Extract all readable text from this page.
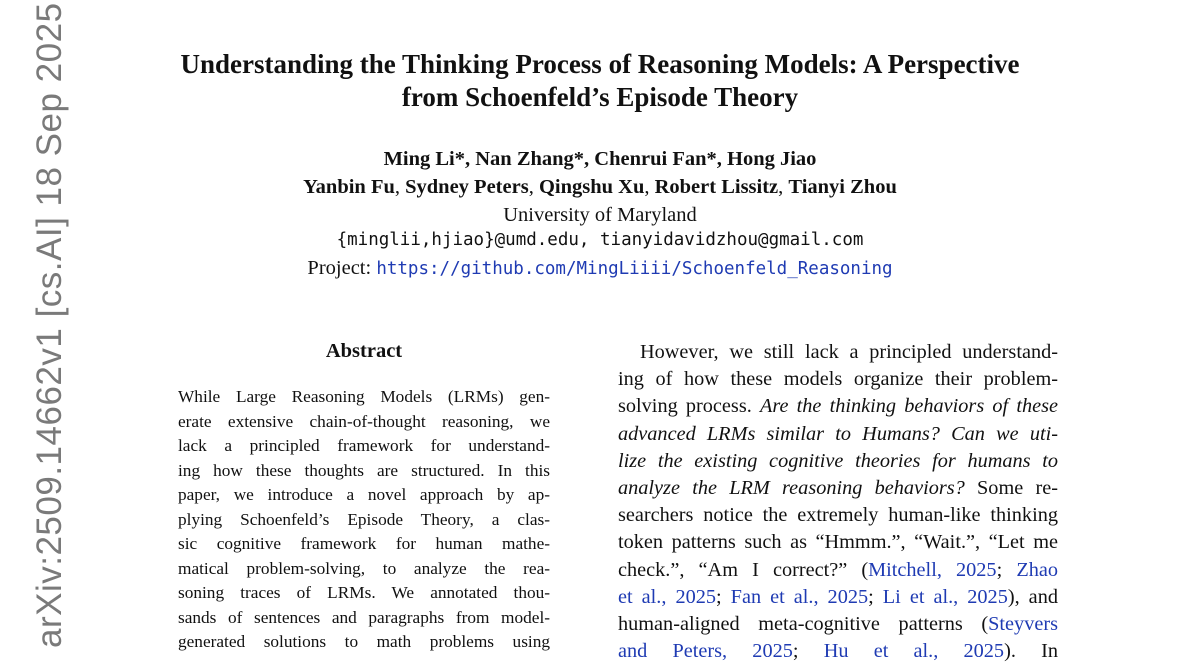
Understanding the Thinking Process of Reasoning Models: A Perspective
from Schoenfeld’s Episode Theory
Ming Li*, Nan Zhang*, Chenrui Fan*, Hong Jiao
Yanbin Fu, Sydney Peters, Qingshu Xu, Robert Lissitz, Tianyi Zhou
University of Maryland
{minglii,hjiao}@umd.edu, tianyidavidzhou@gmail.com
Project: https://github.com/MingLiiii/Schoenfeld_Reasoning
arXiv:2509.14662v1 [cs.AI] 18 Sep 2025	Abstract
While Large Reasoning Models (LRMs) gen-
erate extensive chain-of-thought reasoning, we
lack a principled framework for understand-
ing how these thoughts are structured. In this
paper, we introduce a novel approach by ap-
plying Schoenfeld’s Episode Theory, a clas-
sic cognitive framework for human mathe-
matical problem-solving, to analyze the rea-
soning traces of LRMs. We annotated thou-
sands of sentences and paragraphs from model-
generated solutions to math problems using
However, we still lack a principled understand-
ing of how these models organize their problem-
solving process. Are the thinking behaviors of these
advanced LRMs similar to Humans? Can we uti-
lize the existing cognitive theories for humans to
analyze the LRM reasoning behaviors? Some re-
searchers notice the extremely human-like thinking
token patterns such as “Hmmm.”, “Wait.”, “Let me
check.”, “Am I correct?” (Mitchell, 2025; Zhao
et al., 2025; Fan et al., 2025; Li et al., 2025), and
human-aligned meta-cognitive patterns (Steyvers
and Peters, 2025; Hu et al., 2025). In
